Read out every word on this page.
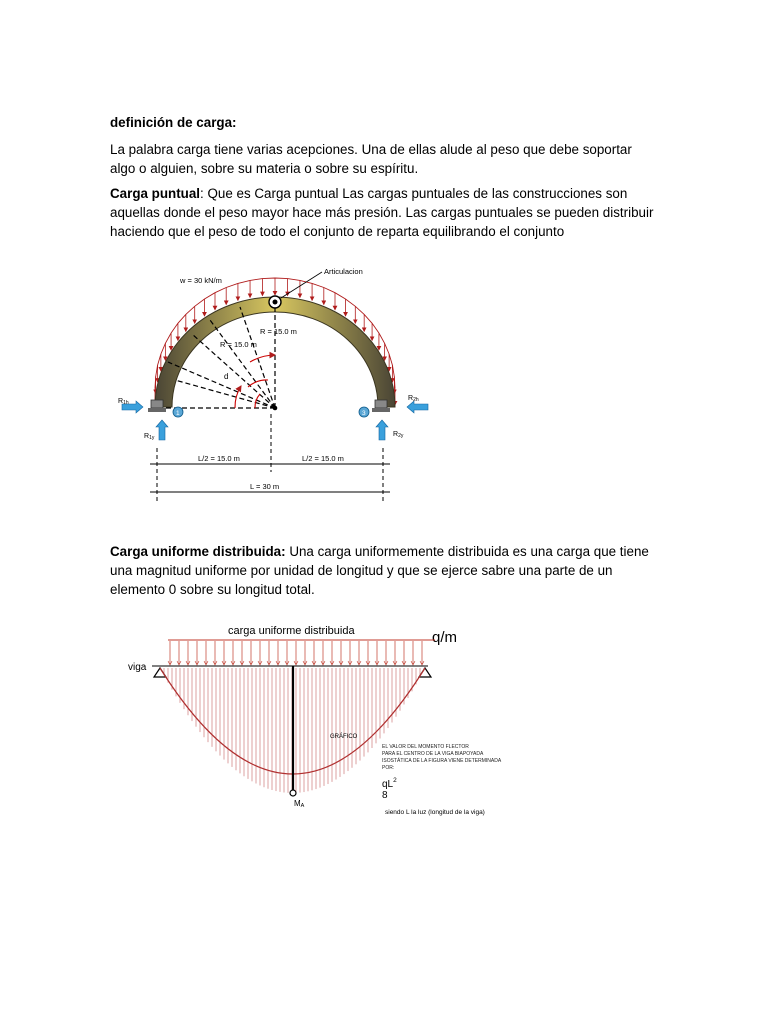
definición de carga:

La palabra carga tiene varias acepciones. Una de ellas alude al peso que debe soportar algo o alguien, sobre su materia o sobre su espíritu.

Carga puntual: Que es Carga puntual Las cargas puntuales de las construcciones son aquellas donde el peso mayor hace más presión. Las cargas puntuales se pueden distribuir haciendo que el peso de todo el conjunto de reparta equilibrando el conjunto

Articulacion
w = 30 kN/m
R = 15.0 m
R = 15.0 m
d
1	3
R1h
R2h
R1y	R2y
L/2 = 15.0 m	L/2 = 15.0 m
L = 30 m

Carga uniforme distribuida: Una carga uniformemente distribuida es una carga que tiene una magnitud uniforme por unidad de longitud y que se ejerce sabre una parte de un elemento 0 sobre su longitud total.

carga uniforme distribuida	q/m
viga
MA
GRÁFICO
EL VALOR DEL MOMENTO FLECTOR
PARA EL CENTRO DE LA VIGA BIAPOYADA
ISOSTÁTICA DE LA FIGURA VIENE DETERMINADA
POR:
$qL^2$
8
siendo L la luz (longitud de la viga)
